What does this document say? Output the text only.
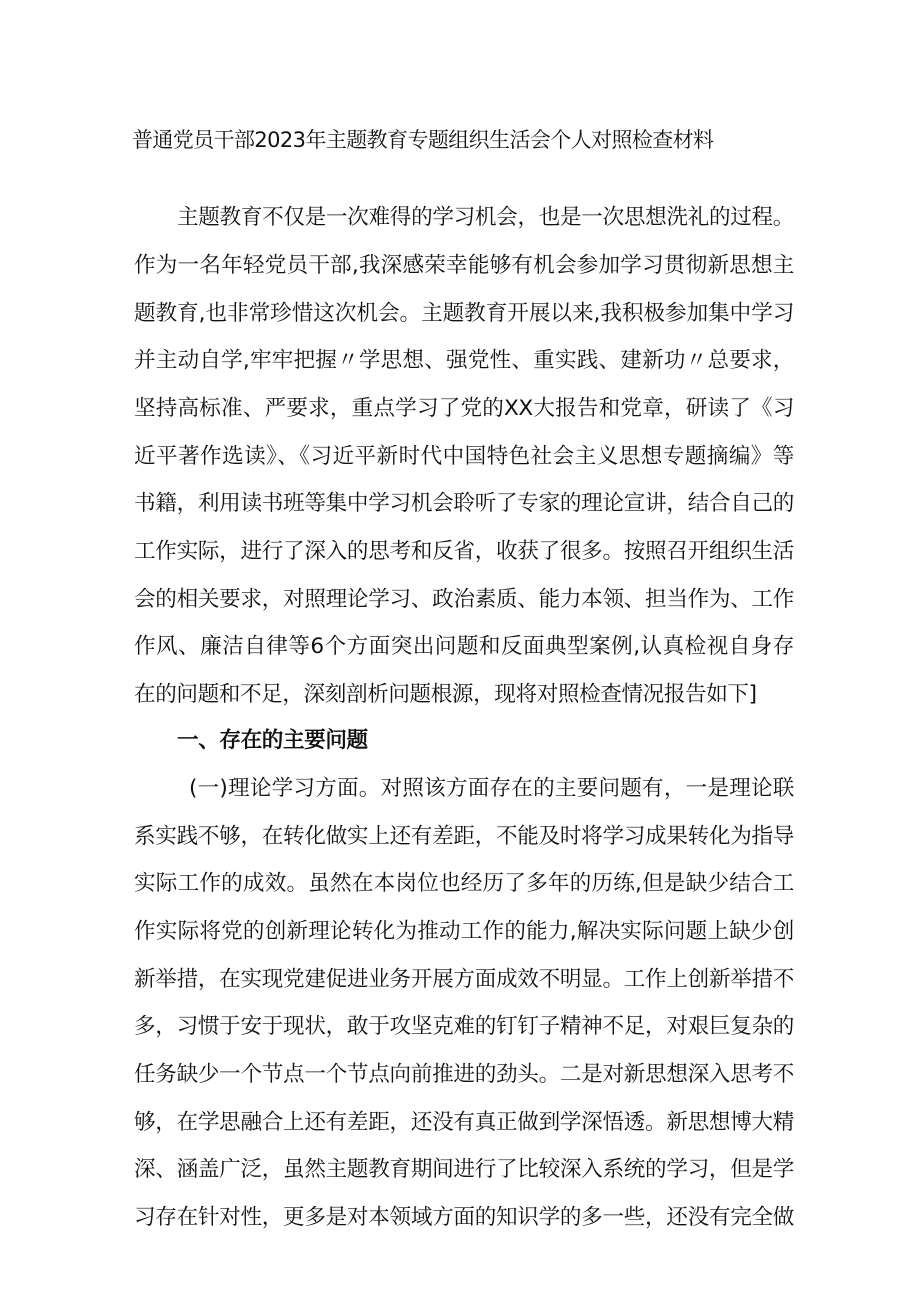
普通党员干部2023年主题教育专题组织生活会个人对照检查材料

主题教育不仅是一次难得的学习机会，也是一次思想洗礼的过程。

作为一名年轻党员干部,我深感荣幸能够有机会参加学习贯彻新思想主

题教育,也非常珍惜这次机会。主题教育开展以来,我积极参加集中学习

并主动自学,牢牢把握〃学思想、强党性、重实践、建新功〃总要求，

坚持高标准、严要求，重点学习了党的XX大报告和党章，研读了《习

近平著作选读》、《习近平新时代中国特色社会主义思想专题摘编》等

书籍，利用读书班等集中学习机会聆听了专家的理论宣讲，结合自己的

工作实际，进行了深入的思考和反省，收获了很多。按照召开组织生活

会的相关要求，对照理论学习、政治素质、能力本领、担当作为、工作

作风、廉洁自律等6个方面突出问题和反面典型案例,认真检视自身存

在的问题和不足，深刻剖析问题根源，现将对照检查情况报告如下]

一、存在的主要问题

(一)理论学习方面。对照该方面存在的主要问题有，一是理论联

系实践不够，在转化做实上还有差距，不能及时将学习成果转化为指导

实际工作的成效。虽然在本岗位也经历了多年的历练,但是缺少结合工

作实际将党的创新理论转化为推动工作的能力,解决实际问题上缺少创

新举措，在实现党建促进业务开展方面成效不明显。工作上创新举措不

多，习惯于安于现状，敢于攻坚克难的钉钉子精神不足，对艰巨复杂的

任务缺少一个节点一个节点向前推进的劲头。二是对新思想深入思考不

够，在学思融合上还有差距，还没有真正做到学深悟透。新思想博大精

深、涵盖广泛，虽然主题教育期间进行了比较深入系统的学习，但是学

习存在针对性，更多是对本领域方面的知识学的多一些，还没有完全做
